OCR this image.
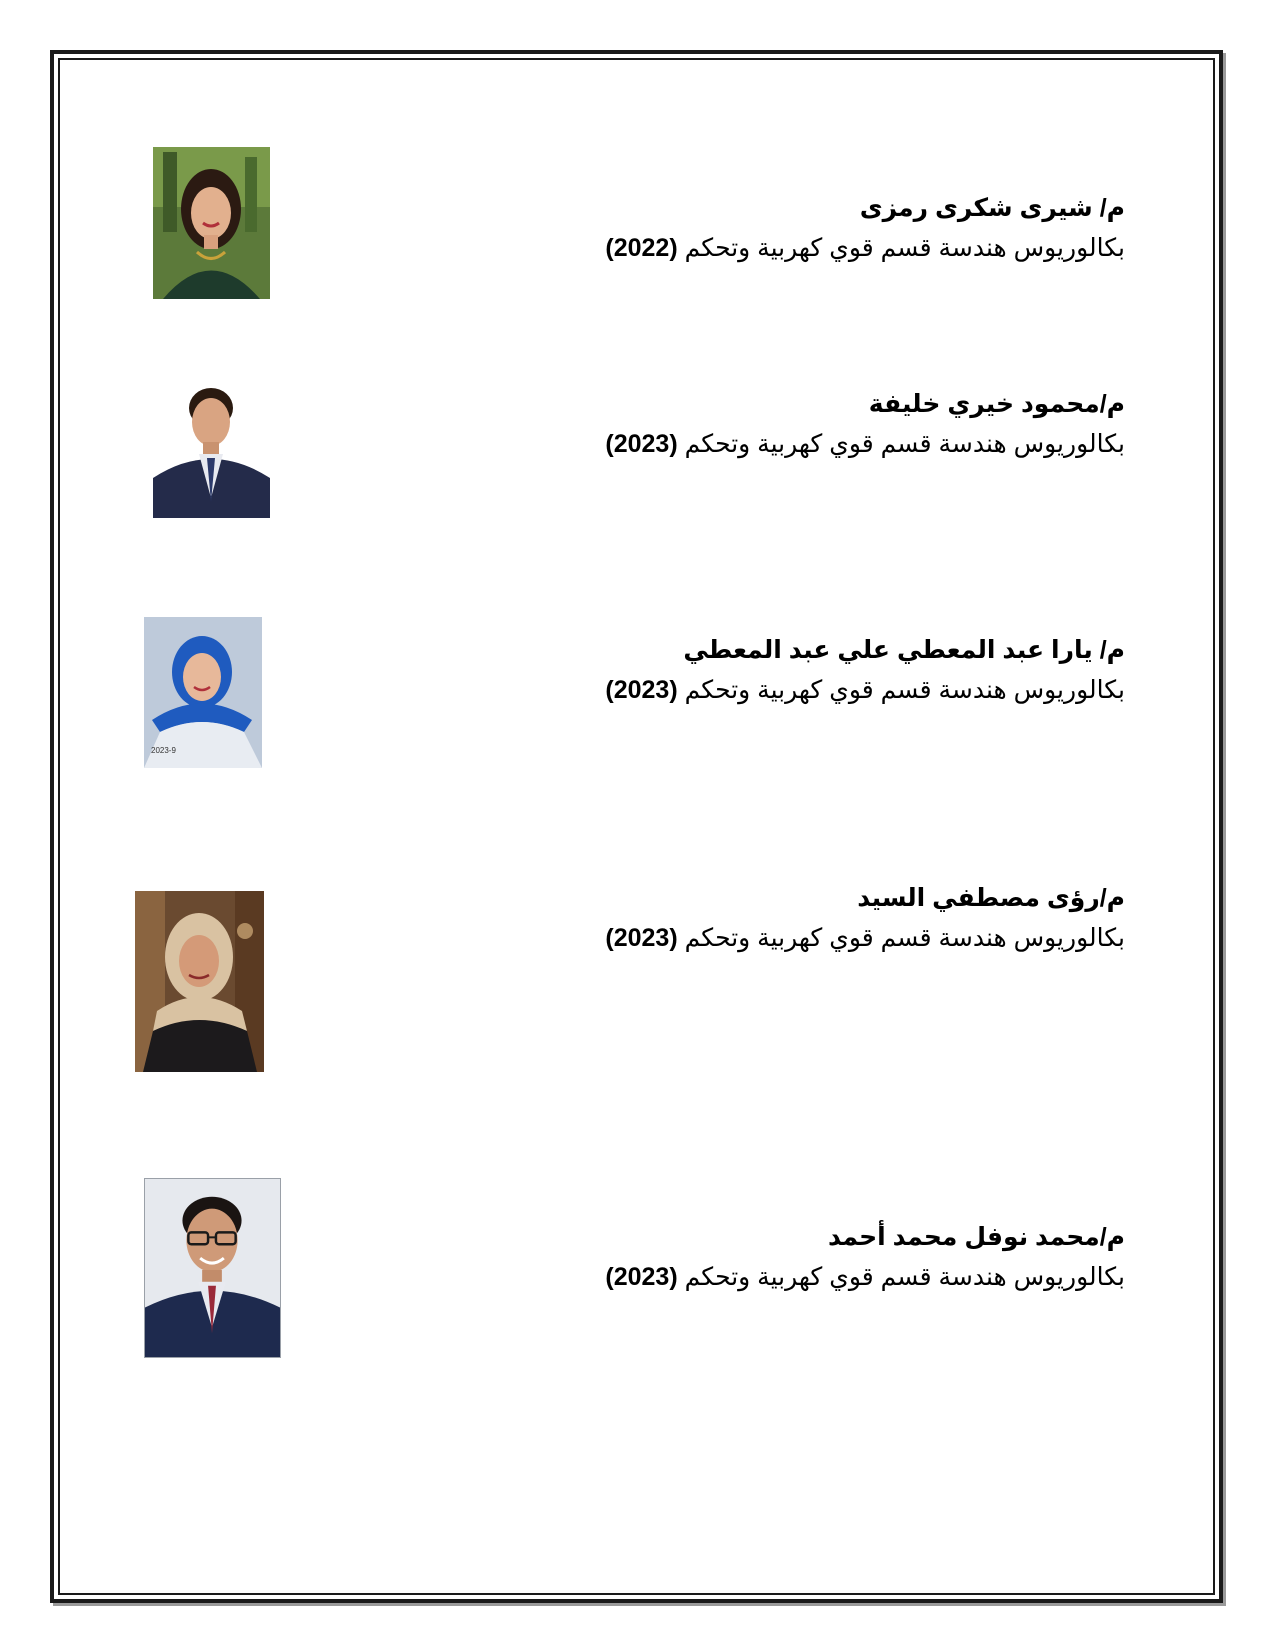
م/ شيرى شكرى رمزى
بكالوريوس هندسة قسم قوي كهربية وتحكم (2022)
م/محمود خيري خليفة
بكالوريوس هندسة قسم قوي كهربية وتحكم (2023)
2023-9
م/ يارا عبد المعطي علي عبد المعطي
بكالوريوس هندسة قسم قوي كهربية وتحكم (2023)
م/رؤى مصطفي السيد
بكالوريوس هندسة قسم قوي كهربية وتحكم (2023)
م/محمد نوفل محمد أحمد
بكالوريوس هندسة قسم قوي كهربية وتحكم (2023)
